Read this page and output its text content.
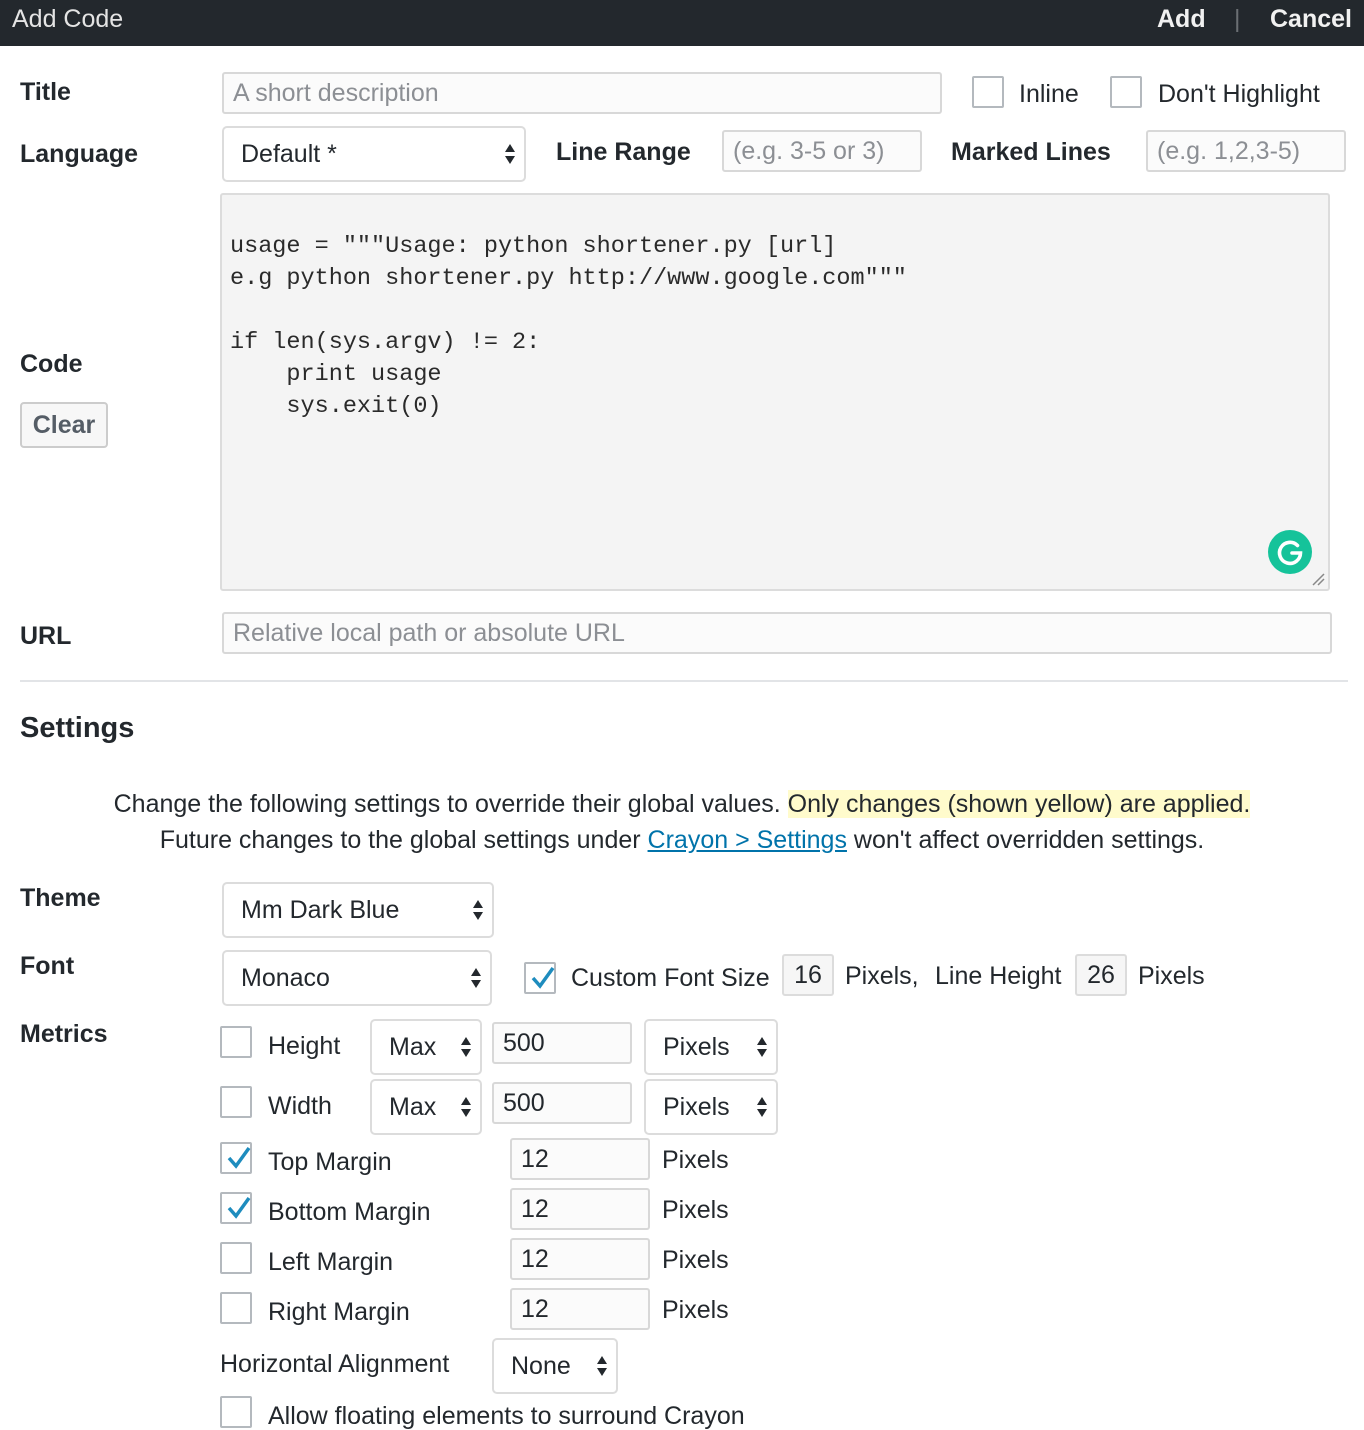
Add Code	Add | Cancel
Title	A short description	Inline	Don't Highlight
Language	Default *	Line Range	(e.g. 3-5 or 3)	Marked Lines	(e.g. 1,2,3-5)
Code
Clear
usage = """Usage: python shortener.py [url]
e.g python shortener.py http://www.google.com"""

if len(sys.argv) != 2:
print usage
sys.exit(0)
URL	Relative local path or absolute URL
Settings
Change the following settings to override their global values. Only changes (shown yellow) are applied.
Future changes to the global settings under Crayon > Settings won't affect overridden settings.
Theme	Mm Dark Blue
Font	Monaco	Custom Font Size 16 Pixels, Line Height	26 Pixels
Metrics	Height Max	500	Pixels
Width Max	500	Pixels
Top Margin	12	Pixels
Bottom Margin	12	Pixels
Left Margin	12	Pixels
Right Margin	12	Pixels
Horizontal Alignment None
Allow floating elements to surround Crayon
